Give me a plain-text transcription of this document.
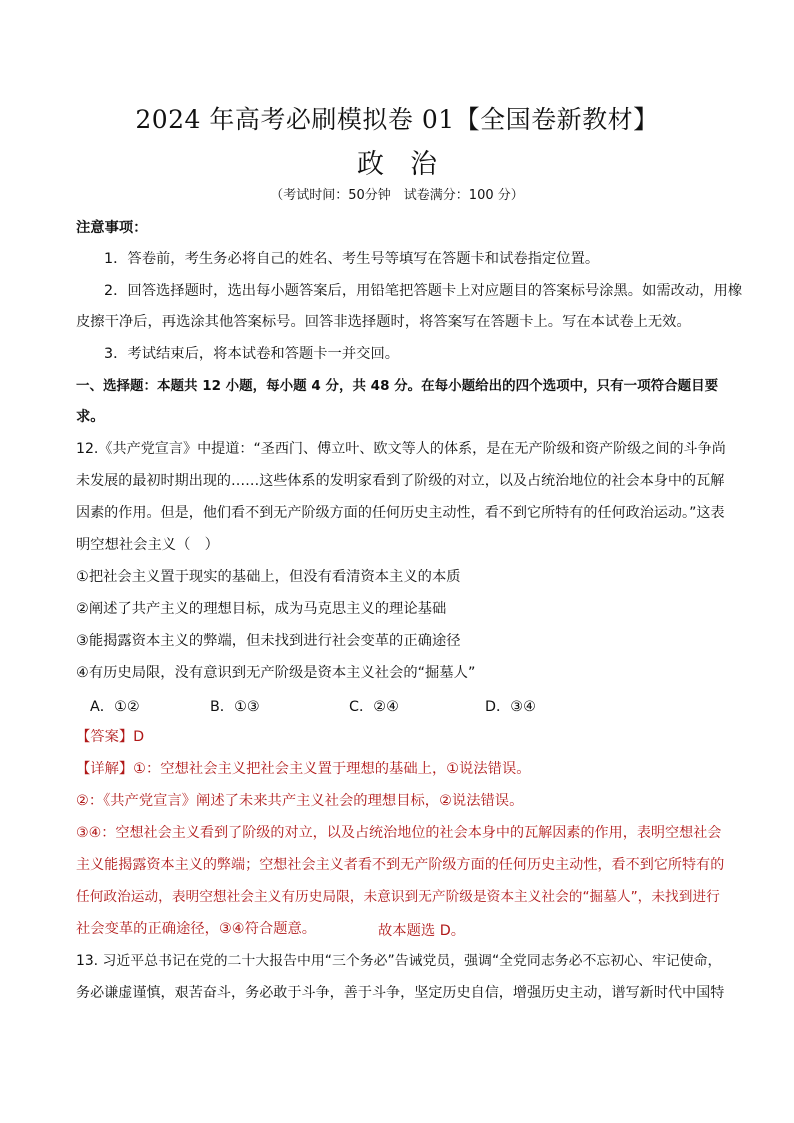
2024 年高考必刷模拟卷 01【全国卷新教材】
政治
（考试时间：50分钟　试卷满分：100 分）
注意事项：
1．答卷前，考生务必将自己的姓名、考生号等填写在答题卡和试卷指定位置。
2．回答选择题时，选出每小题答案后，用铅笔把答题卡上对应题目的答案标号涂黑。如需改动，用橡
皮擦干净后，再选涂其他答案标号。回答非选择题时，将答案写在答题卡上。写在本试卷上无效。
3．考试结束后，将本试卷和答题卡一并交回。
一、选择题：本题共 12 小题，每小题 4 分，共 48 分。在每小题给出的四个选项中，只有一项符合题目要
求。
12.《共产党宣言》中提道：“圣西门、傅立叶、欧文等人的体系，是在无产阶级和资产阶级之间的斗争尚
未发展的最初时期出现的……这些体系的发明家看到了阶级的对立，以及占统治地位的社会本身中的瓦解
因素的作用。但是，他们看不到无产阶级方面的任何历史主动性，看不到它所特有的任何政治运动。”这表
明空想社会主义（　）
①把社会主义置于现实的基础上，但没有看清资本主义的本质
②阐述了共产主义的理想目标，成为马克思主义的理论基础
③能揭露资本主义的弊端，但未找到进行社会变革的正确途径
④有历史局限，没有意识到无产阶级是资本主义社会的“掘墓人”
A．①②	B．①③	C．②④	D．③④
【答案】D
【详解】①：空想社会主义把社会主义置于理想的基础上，①说法错误。
②：《共产党宣言》阐述了未来共产主义社会的理想目标，②说法错误。
③④：空想社会主义看到了阶级的对立，以及占统治地位的社会本身中的瓦解因素的作用，表明空想社会
主义能揭露资本主义的弊端；空想社会主义者看不到无产阶级方面的任何历史主动性，看不到它所特有的
任何政治运动，表明空想社会主义有历史局限，未意识到无产阶级是资本主义社会的“掘墓人”，未找到进行
社会变革的正确途径，③④符合题意。	故本题选 D。
13. 习近平总书记在党的二十大报告中用“三个务必”告诫党员，强调“全党同志务必不忘初心、牢记使命，
务必谦虚谨慎，艰苦奋斗，务必敢于斗争，善于斗争，坚定历史自信，增强历史主动，谱写新时代中国特
